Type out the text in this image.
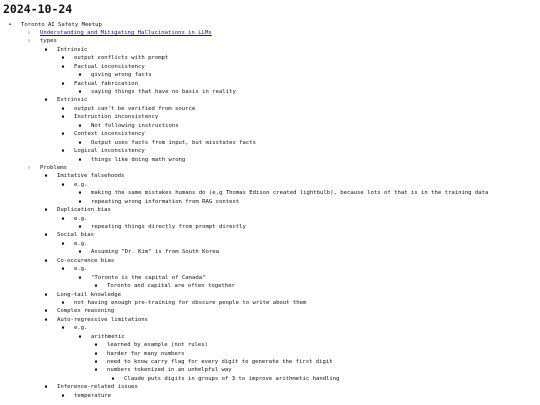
2024-10-24
•
Toronto AI Safety Meetup
◦
Understanding and Mitigating Hallucinations in LLMs
◦
types
▪
Intrinsic
▪
output conflicts with prompt
▪
Factual inconsistency
▪
giving wrong facts
▪
Factual fabrication
▪
saying things that have no basis in reality
▪
Extrinsic
▪
output can't be verified from source
▪
Instruction inconsistency
▪
Not following instructions
▪
Context inconsistency
▪
Output uses facts from input, but misstates facts
▪
Logical inconsistency
▪
things like doing math wrong
◦
Problems
▪
Imitative falsehoods
▪
e.g.
▪
making the same mistakes humans do (e.g Thomas Edison created lightbulb), because lots of that is in the training data
▪
repeating wrong information from RAG context
▪
Duplication bias
▪
e.g.
▪
repeating things directly from prompt directly
▪
Social bias
▪
e.g.
▪
Assuming "Dr. Kim" is from South Korea
▪
Co-occurence bias
▪
e.g.
▪
"Toronto is the capital of Canada"
▪
Toronto and capital are often together
▪
Long-tail knowledge
▪
not having enough pre-training for obscure people to write about them
▪
Complex reasoning
▪
Auto-regressive limitations
▪
e.g.
▪
arithmetic
▪
learned by example (not rules)
▪
harder for many numbers
▪
need to know carry flag for every digit to generate the first digit
▪
numbers tokenized in an unhelpful way
▪
Claude puts digits in groups of 3 to improve arithmetic handling
▪
Inference-related issues
▪
temperature
